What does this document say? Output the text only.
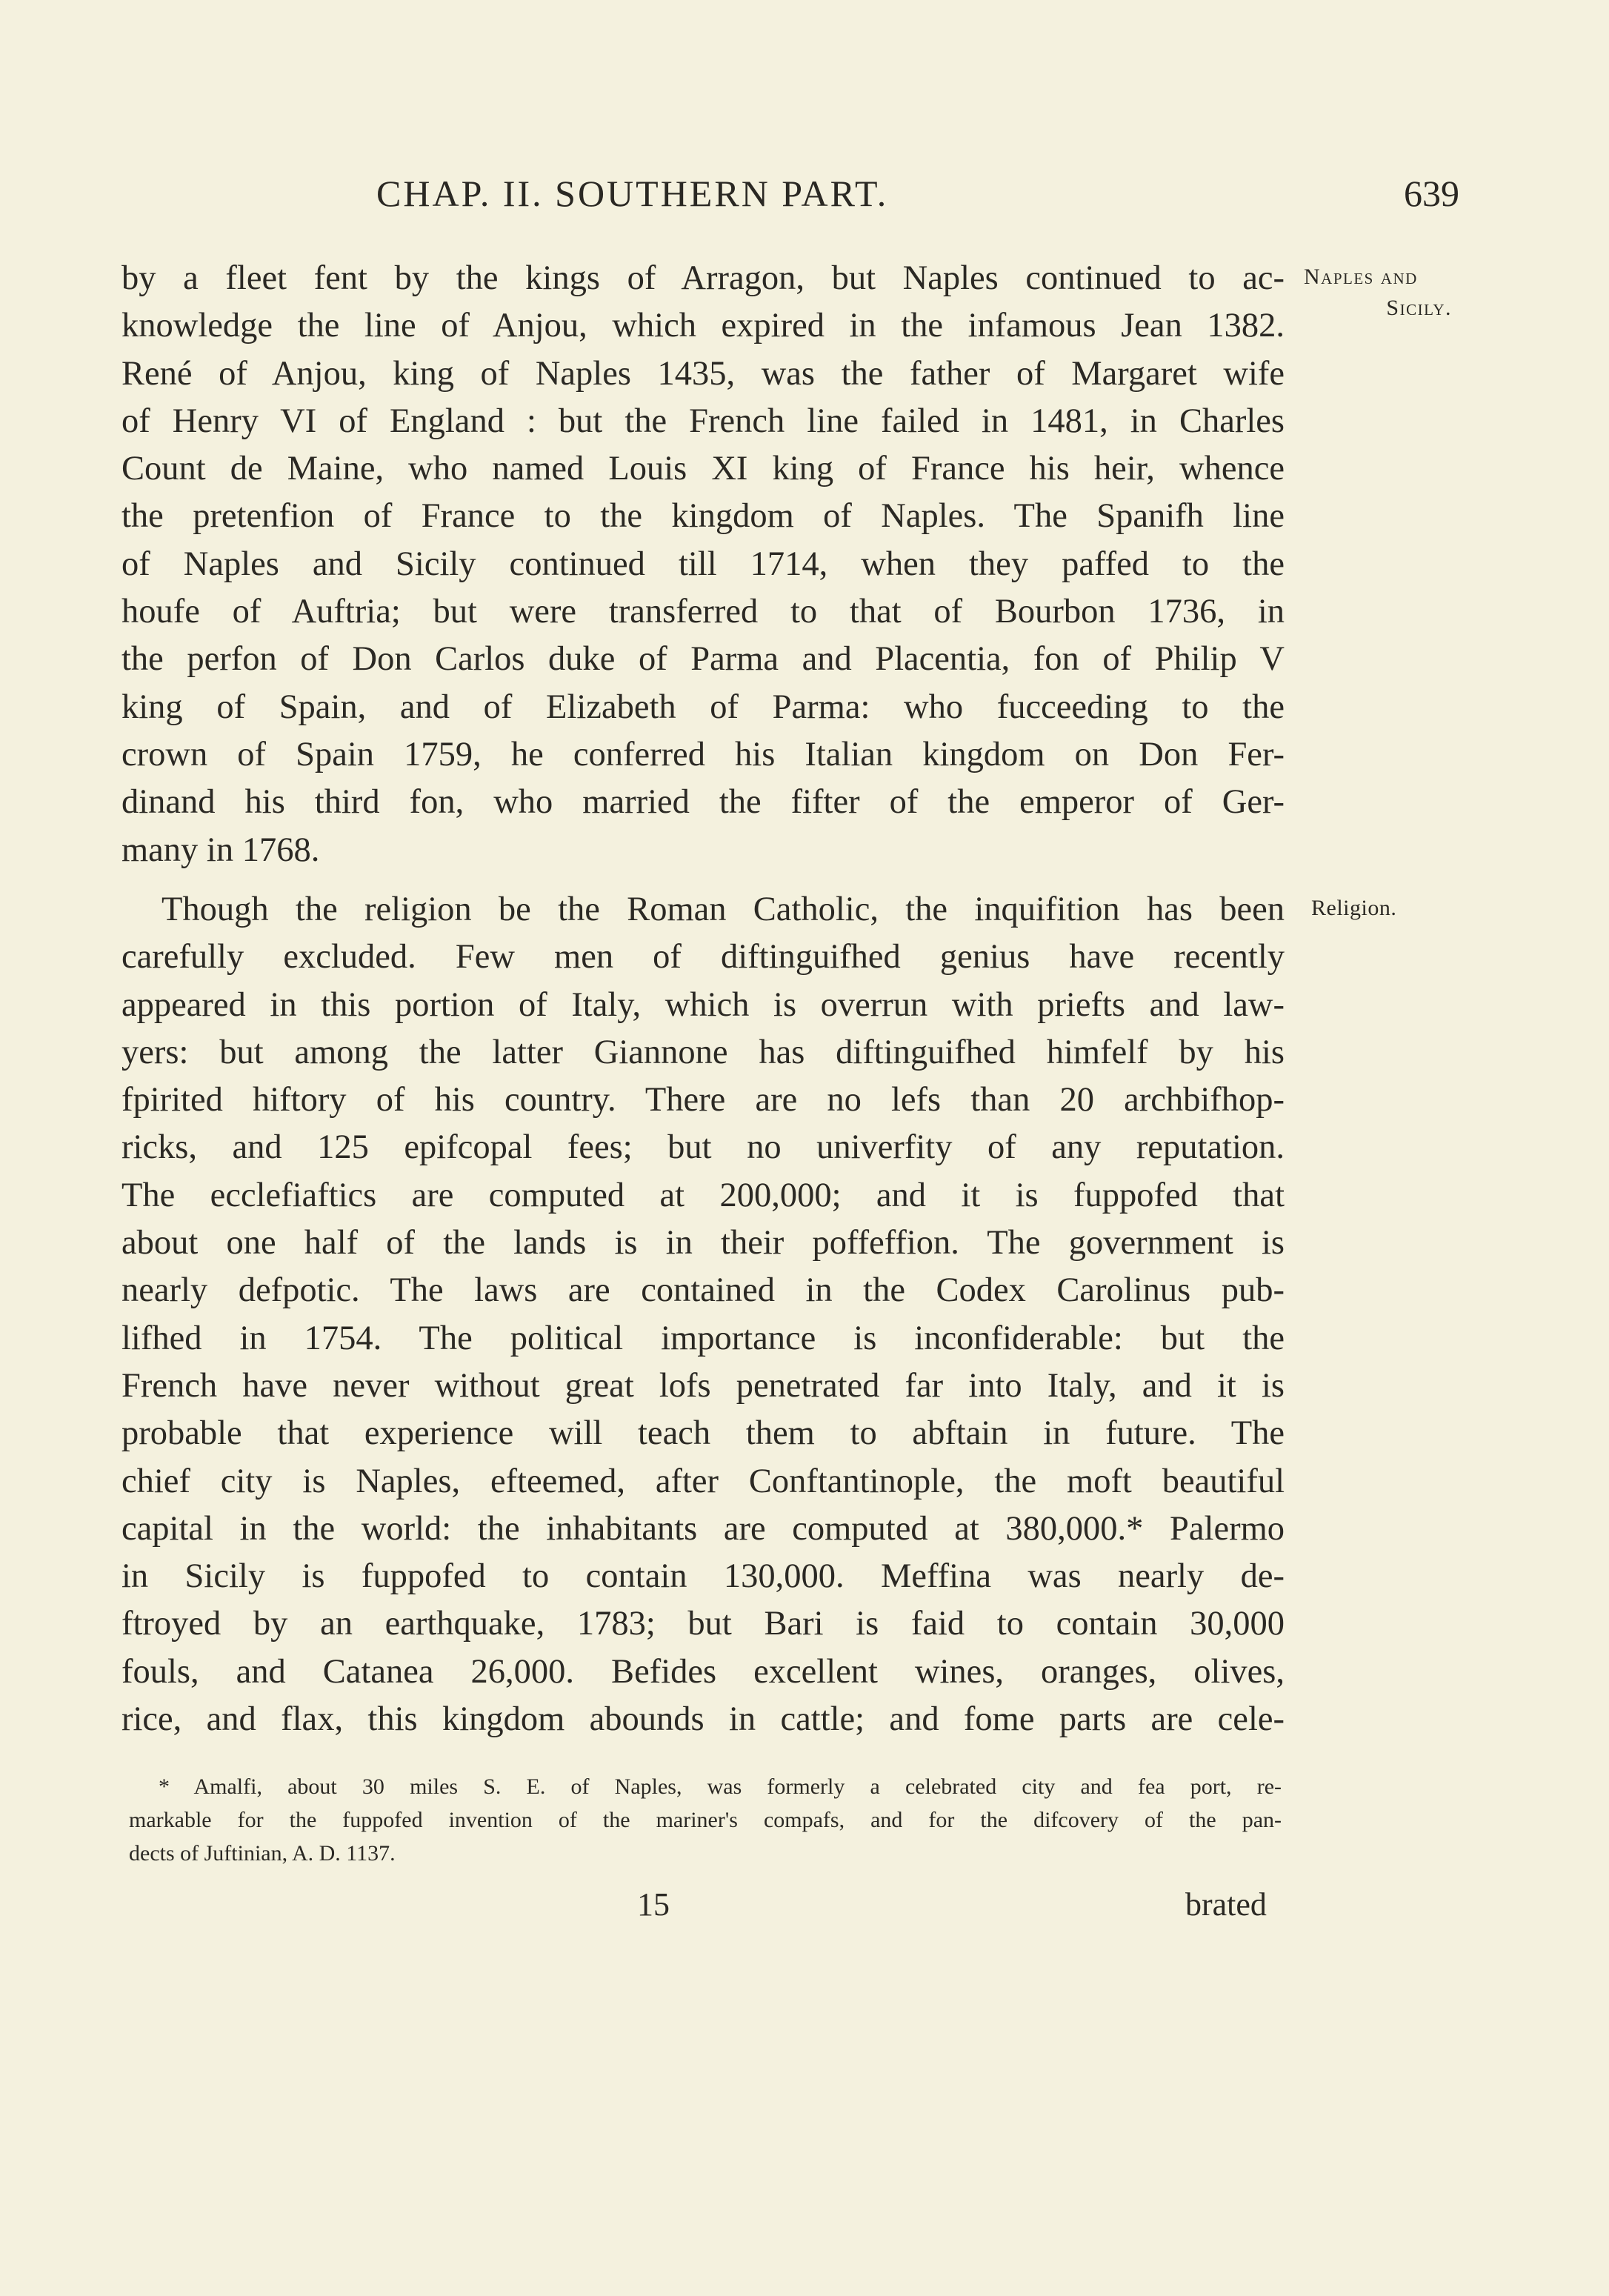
CHAP. II. SOUTHERN PART.	639
Naples and
Sicily.
Religion.
by a fleet fent by the kings of Arragon, but Naples continued to ac-
knowledge the line of Anjou, which expired in the infamous Jean 1382.
René of Anjou, king of Naples 1435, was the father of Margaret wife
of Henry VI of England : but the French line failed in 1481, in Charles
Count de Maine, who named Louis XI king of France his heir, whence
the pretenfion of France to the kingdom of Naples. The Spanifh line
of Naples and Sicily continued till 1714, when they paffed to the
houfe of Auftria; but were transferred to that of Bourbon 1736, in
the perfon of Don Carlos duke of Parma and Placentia, fon of Philip V
king of Spain, and of Elizabeth of Parma: who fucceeding to the
crown of Spain 1759, he conferred his Italian kingdom on Don Fer-
dinand his third fon, who married the fifter of the emperor of Ger-
many in 1768.
Though the religion be the Roman Catholic, the inquifition has been
carefully excluded. Few men of diftinguifhed genius have recently
appeared in this portion of Italy, which is overrun with priefts and law-
yers: but among the latter Giannone has diftinguifhed himfelf by his
fpirited hiftory of his country. There are no lefs than 20 archbifhop-
ricks, and 125 epifcopal fees; but no univerfity of any reputation.
The ecclefiaftics are computed at 200,000; and it is fuppofed that
about one half of the lands is in their poffeffion. The government is
nearly defpotic. The laws are contained in the Codex Carolinus pub-
lifhed in 1754. The political importance is inconfiderable: but the
French have never without great lofs penetrated far into Italy, and it is
probable that experience will teach them to abftain in future. The
chief city is Naples, efteemed, after Conftantinople, the moft beautiful
capital in the world: the inhabitants are computed at 380,000.* Palermo
in Sicily is fuppofed to contain 130,000. Meffina was nearly de-
ftroyed by an earthquake, 1783; but Bari is faid to contain 30,000
fouls, and Catanea 26,000. Befides excellent wines, oranges, olives,
rice, and flax, this kingdom abounds in cattle; and fome parts are cele-
* Amalfi, about 30 miles S. E. of Naples, was formerly a celebrated city and fea port, re-
markable for the fuppofed invention of the mariner's compafs, and for the difcovery of the pan-
dects of Juftinian, A. D. 1137.
15	brated
